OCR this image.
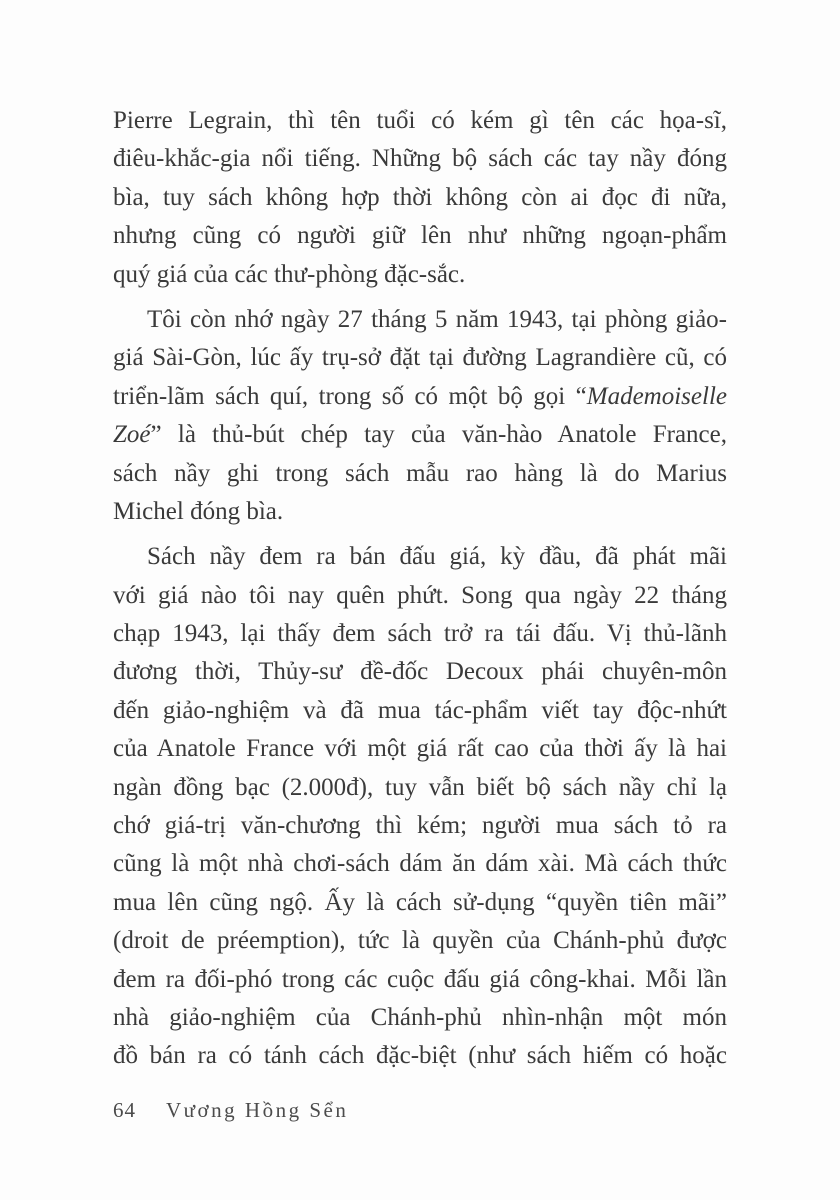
Pierre Legrain, thì tên tuổi có kém gì tên các họa-sĩ,
điêu-khắc-gia nổi tiếng. Những bộ sách các tay nầy đóng
bìa, tuy sách không hợp thời không còn ai đọc đi nữa,
nhưng cũng có người giữ lên như những ngoạn-phẩm
quý giá của các thư-phòng đặc-sắc.
Tôi còn nhớ ngày 27 tháng 5 năm 1943, tại phòng giảo-
giá Sài-Gòn, lúc ấy trụ-sở đặt tại đường Lagrandière cũ, có
triển-lãm sách quí, trong số có một bộ gọi “Mademoiselle
Zoé” là thủ-bút chép tay của văn-hào Anatole France,
sách nầy ghi trong sách mẫu rao hàng là do Marius
Michel đóng bìa.
Sách nầy đem ra bán đấu giá, kỳ đầu, đã phát mãi
với giá nào tôi nay quên phứt. Song qua ngày 22 tháng
chạp 1943, lại thấy đem sách trở ra tái đấu. Vị thủ-lãnh
đương thời, Thủy-sư đề-đốc Decoux phái chuyên-môn
đến giảo-nghiệm và đã mua tác-phẩm viết tay độc-nhứt
của Anatole France với một giá rất cao của thời ấy là hai
ngàn đồng bạc (2.000đ), tuy vẫn biết bộ sách nầy chỉ lạ
chớ giá-trị văn-chương thì kém; người mua sách tỏ ra
cũng là một nhà chơi-sách dám ăn dám xài. Mà cách thức
mua lên cũng ngộ. Ấy là cách sử-dụng “quyền tiên mãi”
(droit de préemption), tức là quyền của Chánh-phủ được
đem ra đối-phó trong các cuộc đấu giá công-khai. Mỗi lần
nhà giảo-nghiệm của Chánh-phủ nhìn-nhận một món
đồ bán ra có tánh cách đặc-biệt (như sách hiếm có hoặc
64 Vương Hồng Sển
